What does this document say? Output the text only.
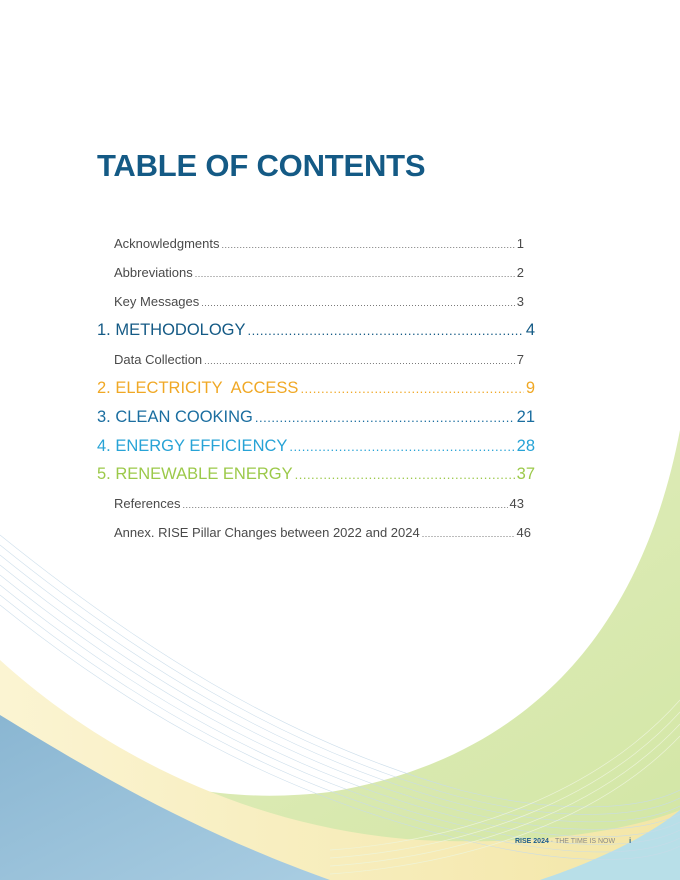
TABLE OF CONTENTS
Acknowledgments .....	1
Abbreviations .....	2
Key Messages .....	3
1. METHODOLOGY .....	4
Data Collection .....	7
2. ELECTRICITY  ACCESS .....	9
3. CLEAN COOKING .....	21
4. ENERGY EFFICIENCY .....	28
5. RENEWABLE ENERGY .....	37
References .....	43
Annex. RISE Pillar Changes between 2022 and 2024 .....	46
RISE 2024 · THE TIME IS NOW i
